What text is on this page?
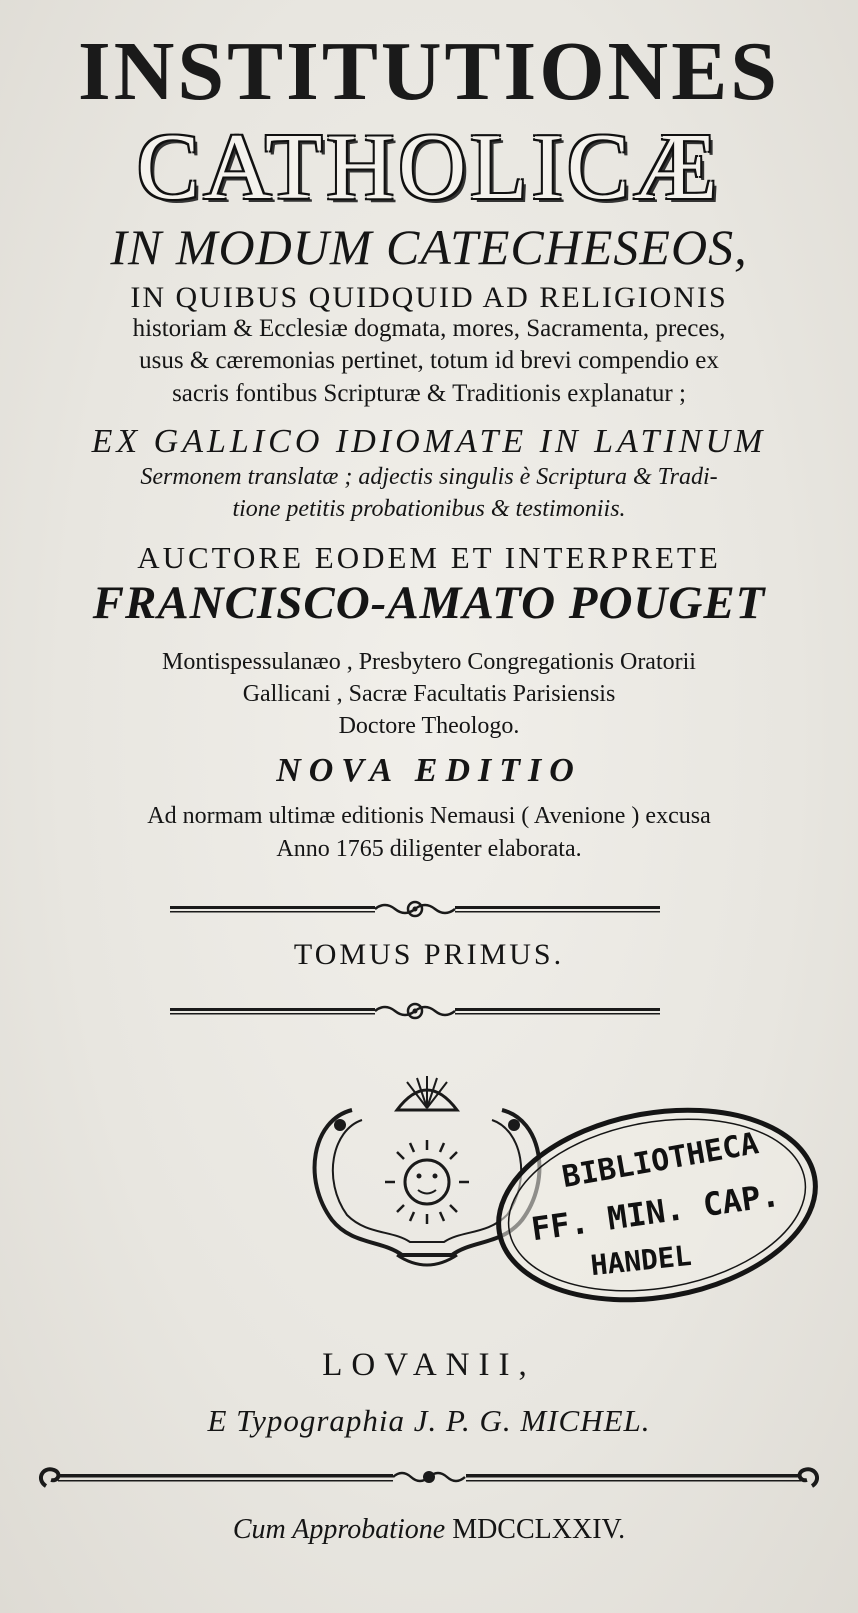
INSTITUTIONES
CATHOLICÆ
IN MODUM CATECHESEOS,
IN QUIBUS QUIDQUID AD RELIGIONIS
historiam & Ecclesiæ dogmata, mores, Sacramenta, preces,
usus & cæremonias pertinet, totum id brevi compendio ex
sacris fontibus Scripturæ & Traditionis explanatur ;
EX GALLICO IDIOMATE IN LATINUM
Sermonem translatæ ; adjectis singulis è Scriptura & Tradi-
tione petitis probationibus & testimoniis.
AUCTORE EODEM ET INTERPRETE
FRANCISCO-AMATO POUGET
Montispessulanæo , Presbytero Congregationis Oratorii
Gallicani , Sacræ Facultatis Parisiensis
Doctore Theologo.
NOVA EDITIO
Ad normam ultimæ editionis Nemausi ( Avenione ) excusa
Anno 1765 diligenter elaborata.
TOMUS PRIMUS.
BIBLIOTHECA
FF. MIN. CAP.
HANDEL
LOVANII,
E Typographia J. P. G. MICHEL.
Cum Approbatione MDCCLXXIV.
